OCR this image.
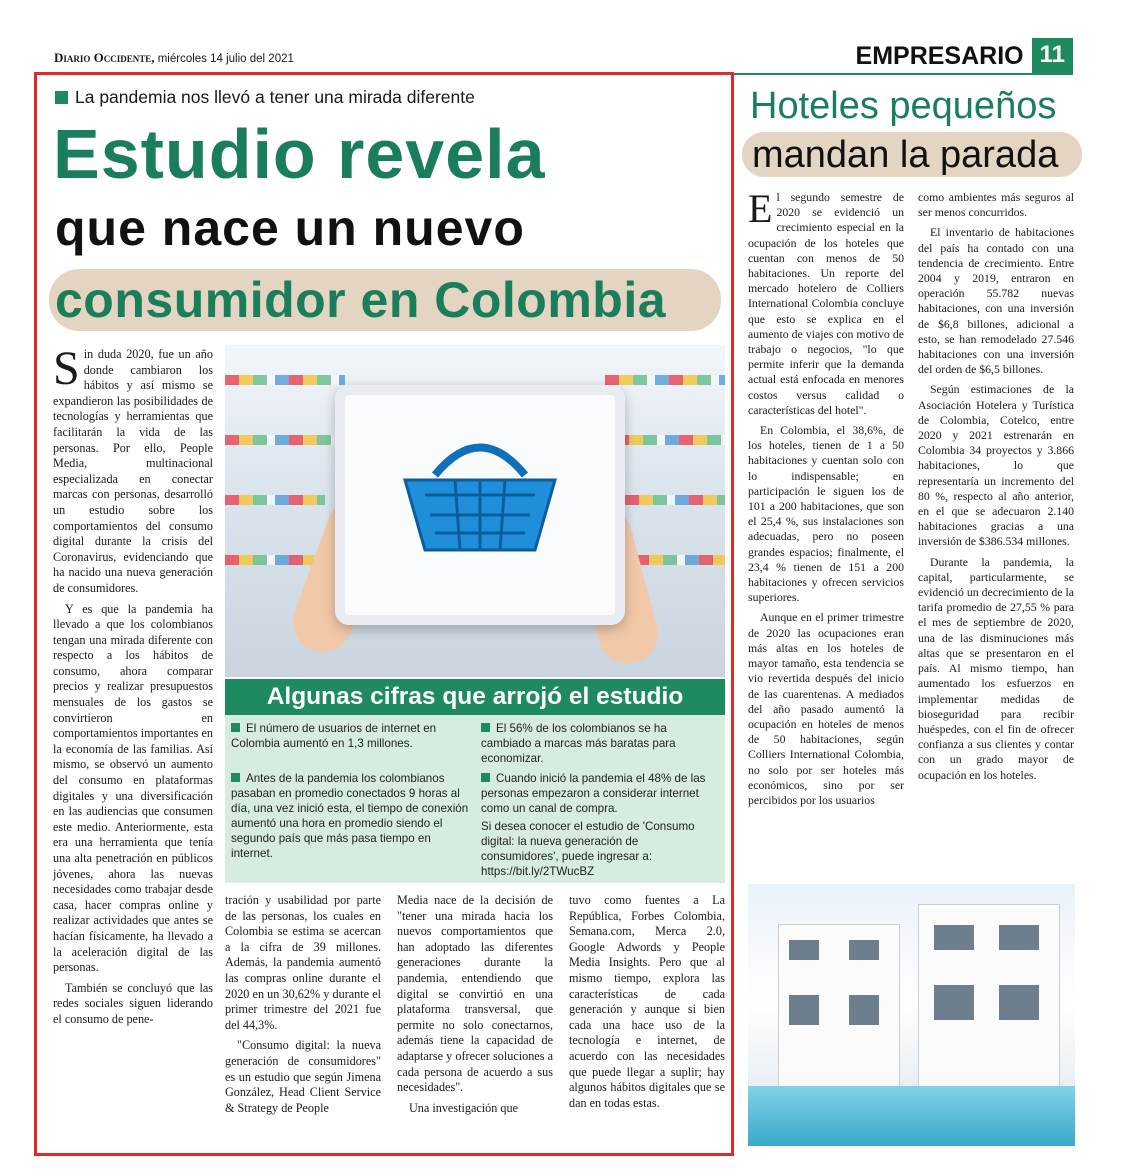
Diario Occidente, miércoles 14 julio del 2021	EMPRESARIO 11
La pandemia nos llevó a tener una mirada diferente
Estudio revela
que nace un nuevo
consumidor en Colombia

Sin duda 2020, fue un año donde cambiaron los hábitos y así mismo se expandieron las posibilidades de tecnologías y herramientas que facilitarán la vida de las personas. Por ello, People Media, multinacional especializada en conectar marcas con personas, desarrolló un estudio sobre los comportamientos del consumo digital durante la crisis del Coronavirus, evidenciando que ha nacido una nueva generación de consumidores.

Y es que la pandemia ha llevado a que los colombianos tengan una mirada diferente con respecto a los hábitos de consumo, ahora comparar precios y realizar presupuestos mensuales de los gastos se convirtieron en comportamientos importantes en la economía de las familias. Así mismo, se observó un aumento del consumo en plataformas digitales y una diversificación en las audiencias que consumen este medio. Anteriormente, esta era una herramienta que tenía una alta penetración en públicos jóvenes, ahora las nuevas necesidades como trabajar desde casa, hacer compras online y realizar actividades que antes se hacían físicamente, ha llevado a la aceleración digital de las personas.

También se concluyó que las redes sociales siguen liderando el consumo de pene-

Algunas cifras que arrojó el estudio
El número de usuarios de internet en Colombia aumentó en 1,3 millones.
Antes de la pandemia los colombianos pasaban en promedio conectados 9 horas al día, una vez inició esta, el tiempo de conexión aumentó una hora en promedio siendo el segundo país que más pasa tiempo en internet.
El 56% de los colombianos se ha cambiado a marcas más baratas para economizar.
Cuando inició la pandemia el 48% de las personas empezaron a considerar internet como un canal de compra.
Si desea conocer el estudio de 'Consumo digital: la nueva generación de consumidores', puede ingresar a: https://bit.ly/2TWucBZ

tración y usabilidad por parte de las personas, los cuales en Colombia se estima se acercan a la cifra de 39 millones. Además, la pandemia aumentó las compras online durante el 2020 en un 30,62% y durante el primer trimestre del 2021 fue del 44,3%.

"Consumo digital: la nueva generación de consumidores" es un estudio que según Jimena González, Head Client Service & Strategy de People

Media nace de la decisión de "tener una mirada hacia los nuevos comportamientos que han adoptado las diferentes generaciones durante la pandemia, entendiendo que digital se convirtió en una plataforma transversal, que permite no solo conectarnos, además tiene la capacidad de adaptarse y ofrecer soluciones a cada persona de acuerdo a sus necesidades".

Una investigación que

tuvo como fuentes a La República, Forbes Colombia, Semana.com, Merca 2.0, Google Adwords y People Media Insights. Pero que al mismo tiempo, explora las características de cada generación y aunque si bien cada una hace uso de la tecnología e internet, de acuerdo con las necesidades que puede llegar a suplir; hay algunos hábitos digitales que se dan en todas estas.

Hoteles pequeños
mandan la parada

El segundo semestre de 2020 se evidenció un crecimiento especial en la ocupación de los hoteles que cuentan con menos de 50 habitaciones. Un reporte del mercado hotelero de Colliers International Colombia concluye que esto se explica en el aumento de viajes con motivo de trabajo o negocios, "lo que permite inferir que la demanda actual está enfocada en menores costos versus calidad o características del hotel".

En Colombia, el 38,6%, de los hoteles, tienen de 1 a 50 habitaciones y cuentan solo con lo indispensable; en participación le siguen los de 101 a 200 habitaciones, que son el 25,4 %, sus instalaciones son adecuadas, pero no poseen grandes espacios; finalmente, el 23,4 % tienen de 151 a 200 habitaciones y ofrecen servicios superiores.

Aunque en el primer trimestre de 2020 las ocupaciones eran más altas en los hoteles de mayor tamaño, esta tendencia se vio revertida después del inicio de las cuarentenas. A mediados del año pasado aumentó la ocupación en hoteles de menos de 50 habitaciones, según Colliers International Colombia, no solo por ser hoteles más económicos, sino por ser percibidos por los usuarios

como ambientes más seguros al ser menos concurridos.

El inventario de habitaciones del país ha contado con una tendencia de crecimiento. Entre 2004 y 2019, entraron en operación 55.782 nuevas habitaciones, con una inversión de $6,8 billones, adicional a esto, se han remodelado 27.546 habitaciones con una inversión del orden de $6,5 billones.

Según estimaciones de la Asociación Hotelera y Turística de Colombia, Cotelco, entre 2020 y 2021 estrenarán en Colombia 34 proyectos y 3.866 habitaciones, lo que representaría un incremento del 80 %, respecto al año anterior, en el que se adecuaron 2.140 habitaciones gracias a una inversión de $386.534 millones.

Durante la pandemia, la capital, particularmente, se evidenció un decrecimiento de la tarifa promedio de 27,55 % para el mes de septiembre de 2020, una de las disminuciones más altas que se presentaron en el país. Al mismo tiempo, han aumentado los esfuerzos en implementar medidas de bioseguridad para recibir huéspedes, con el fin de ofrecer confianza a sus clientes y contar con un grado mayor de ocupación en los hoteles.
